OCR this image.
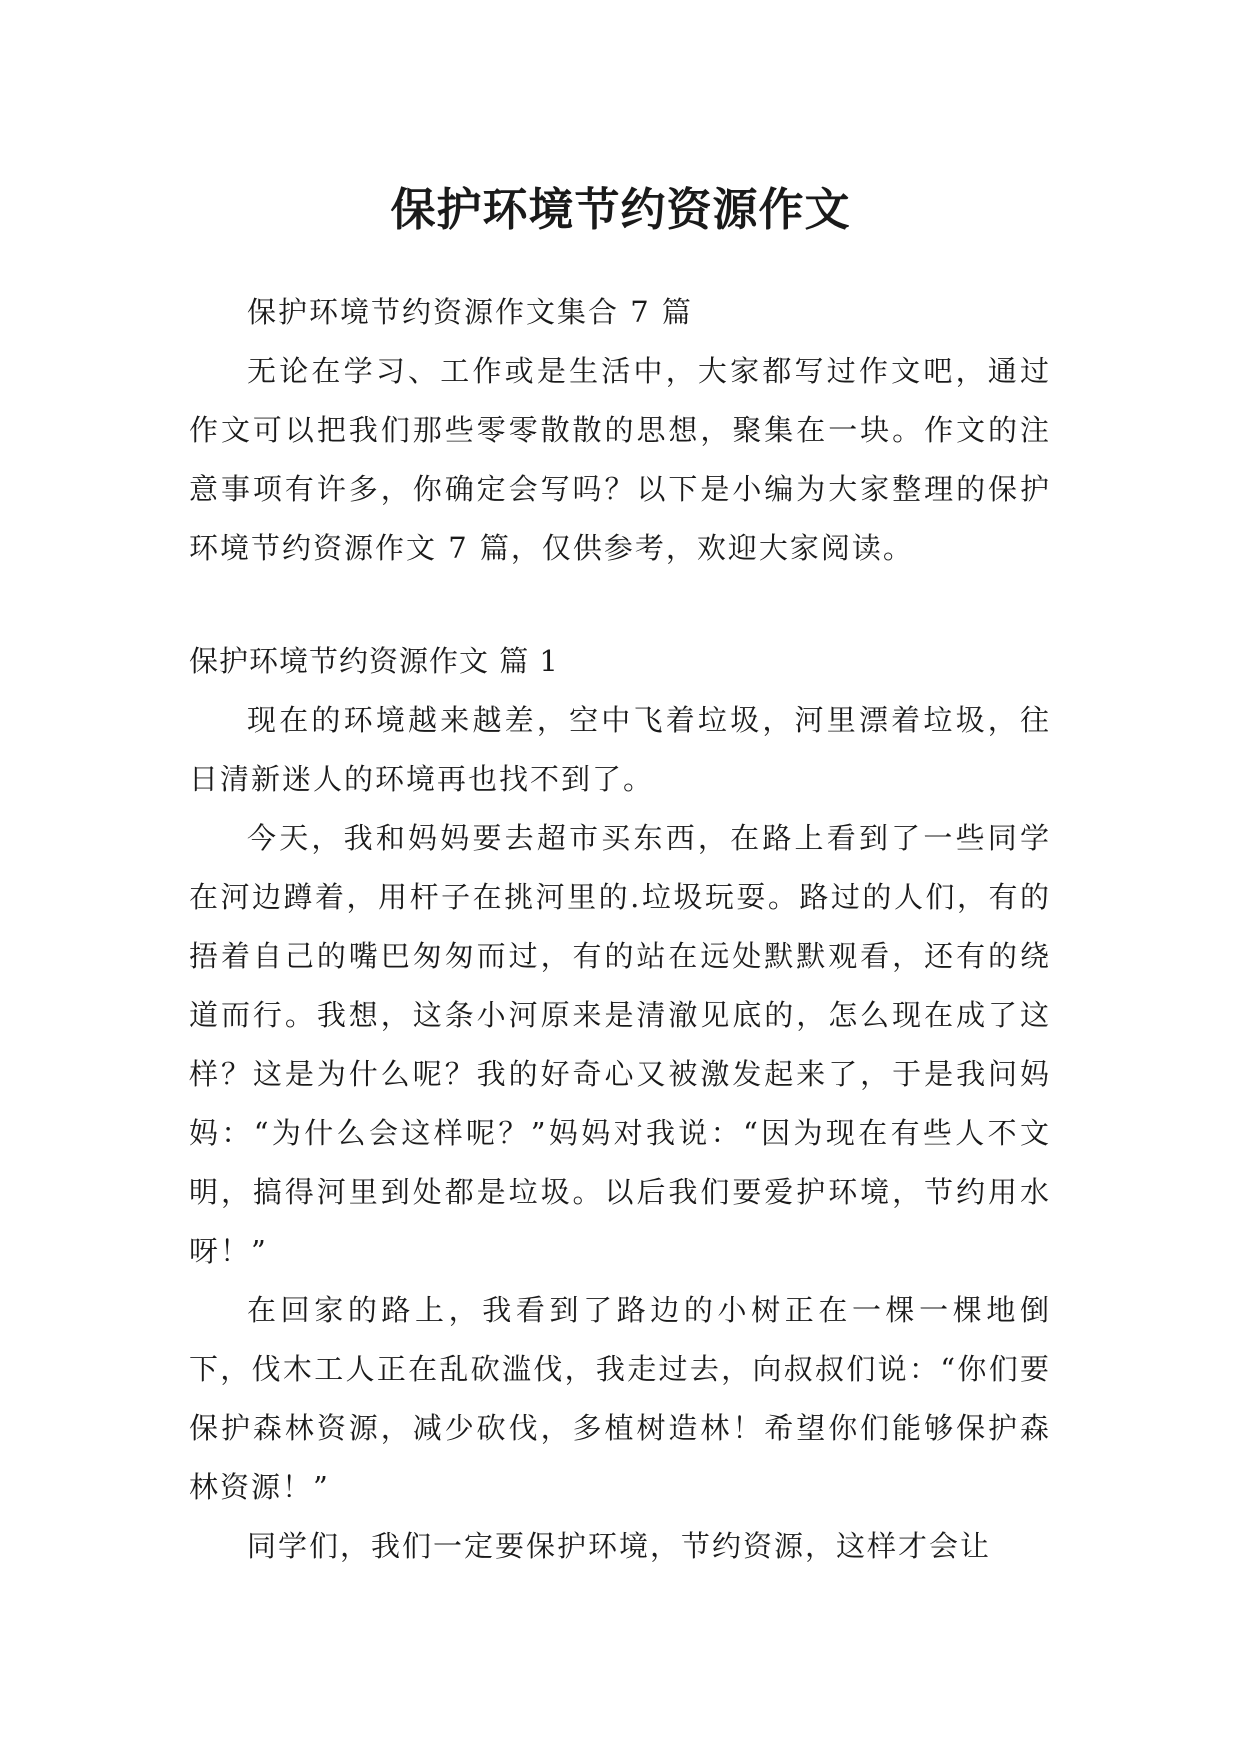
保护环境节约资源作文

保护环境节约资源作文集合 7 篇

无论在学习、工作或是生活中，大家都写过作文吧，通过作文可以把我们那些零零散散的思想，聚集在一块。作文的注意事项有许多，你确定会写吗？以下是小编为大家整理的保护环境节约资源作文 7 篇，仅供参考，欢迎大家阅读。

保护环境节约资源作文 篇 1

现在的环境越来越差，空中飞着垃圾，河里漂着垃圾，往日清新迷人的环境再也找不到了。

今天，我和妈妈要去超市买东西，在路上看到了一些同学在河边蹲着，用杆子在挑河里的.垃圾玩耍。路过的人们，有的捂着自己的嘴巴匆匆而过，有的站在远处默默观看，还有的绕道而行。我想，这条小河原来是清澈见底的，怎么现在成了这样？这是为什么呢？我的好奇心又被激发起来了，于是我问妈妈：“为什么会这样呢？”妈妈对我说：“因为现在有些人不文明，搞得河里到处都是垃圾。以后我们要爱护环境，节约用水呀！”

在回家的路上，我看到了路边的小树正在一棵一棵地倒下，伐木工人正在乱砍滥伐，我走过去，向叔叔们说：“你们要保护森林资源，减少砍伐，多植树造林！希望你们能够保护森林资源！”

同学们，我们一定要保护环境，节约资源，这样才会让
